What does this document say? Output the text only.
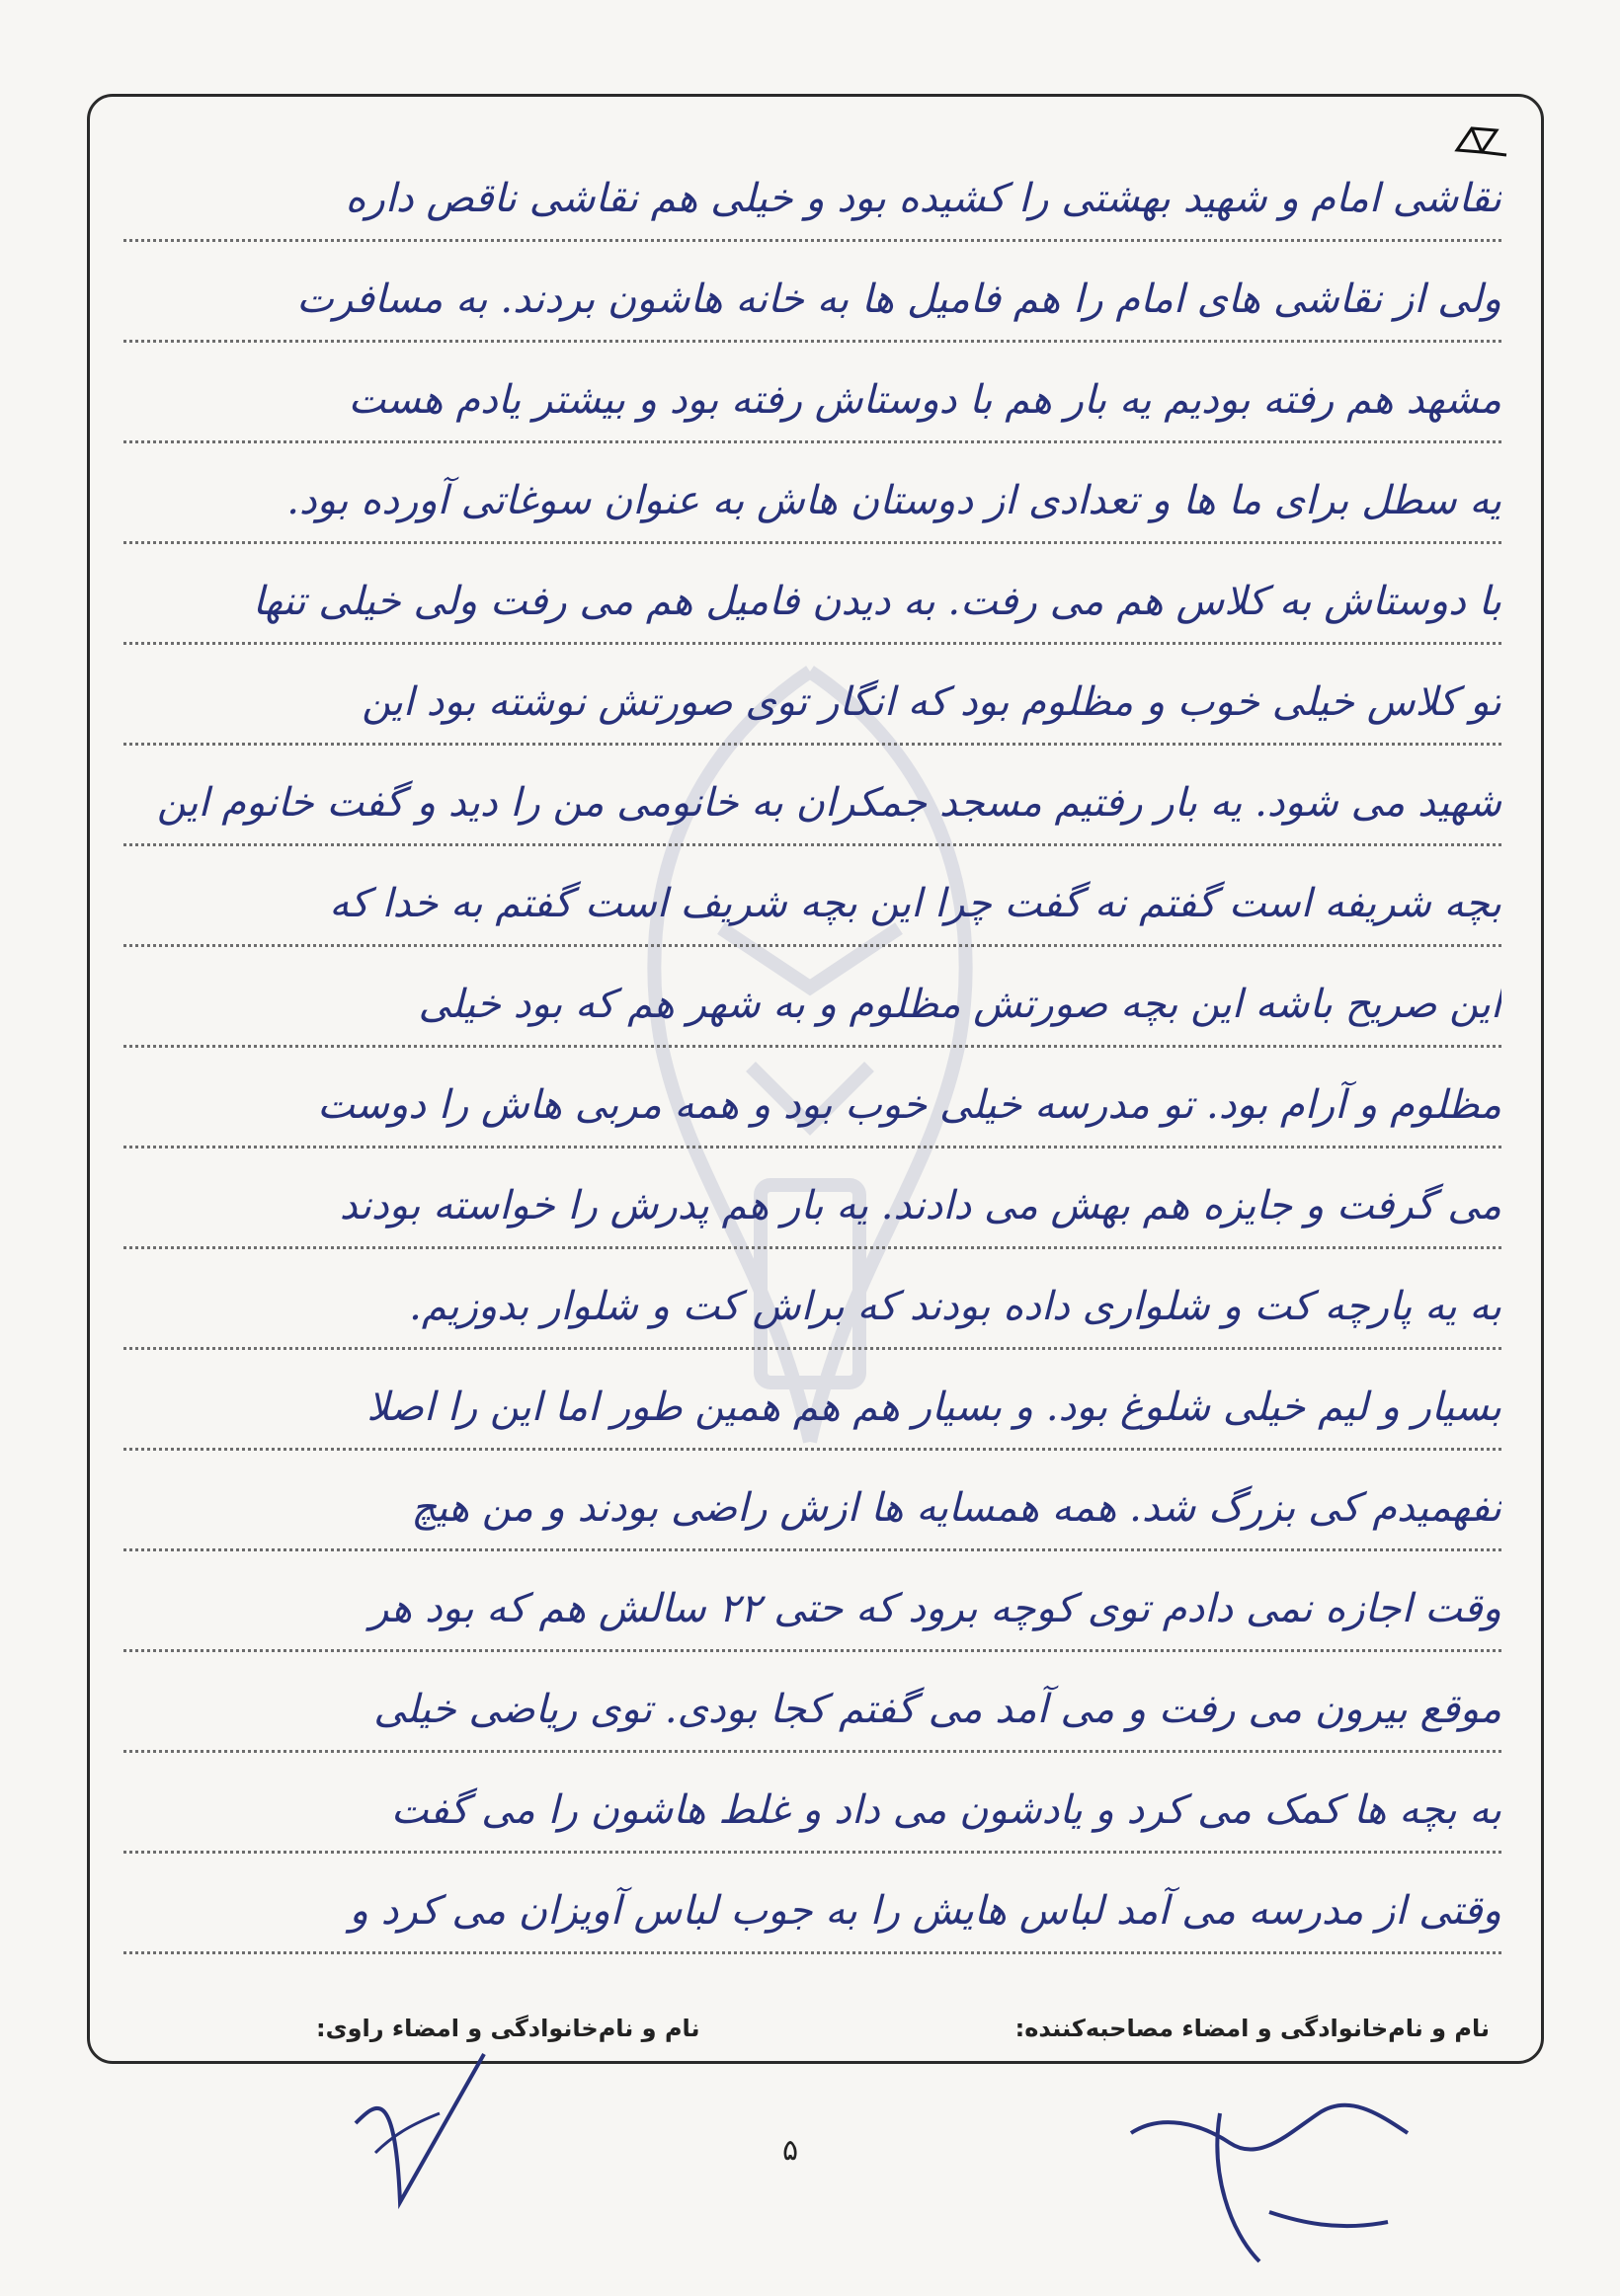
نقاشی امام و شهید بهشتی را کشیده بود و خیلی هم نقاشی ناقص داره
ولی از نقاشی های امام را هم فامیل ها به خانه هاشون بردند. به مسافرت
مشهد هم رفته بودیم یه بار هم با دوستاش رفته بود و بیشتر یادم هست
یه سطل برای ما ها و تعدادی از دوستان هاش به عنوان سوغاتی آورده بود.
با دوستاش به کلاس هم می رفت. به دیدن فامیل هم می رفت ولی خیلی تنها
تو کلاس خیلی خوب و مظلوم بود که انگار توی صورتش نوشته بود این
شهید می شود. یه بار رفتیم مسجد جمکران به خانومی من را دید و گفت خانوم این
بچه شریفه است گفتم نه گفت چرا این بچه شریف است گفتم به خدا که
این صریح باشه این بچه صورتش مظلوم و به شهر هم که بود خیلی
مظلوم و آرام بود. تو مدرسه خیلی خوب بود و همه مربی هاش را دوست
می گرفت و جایزه هم بهش می دادند. یه بار هم پدرش را خواسته بودند
به یه پارچه کت و شلواری داده بودند که براش کت و شلوار بدوزیم.
بسیار و لیم خیلی شلوغ بود. و بسیار هم هم همین طور اما این را اصلا
نفهمیدم کی بزرگ شد. همه همسایه ها ازش راضی بودند و من هیچ
وقت اجازه نمی دادم توی کوچه برود که حتی ۲۲ سالش هم که بود هر
موقع بیرون می رفت و می آمد می گفتم کجا بودی. توی ریاضی خیلی
به بچه ها کمک می کرد و یادشون می داد و غلط هاشون را می گفت
وقتی از مدرسه می آمد لباس هایش را به جوب لباس آویزان می کرد و
نام و نام‌خانوادگی و امضاء مصاحبه‌کننده:
نام و نام‌خانوادگی و امضاء راوی:
۵
